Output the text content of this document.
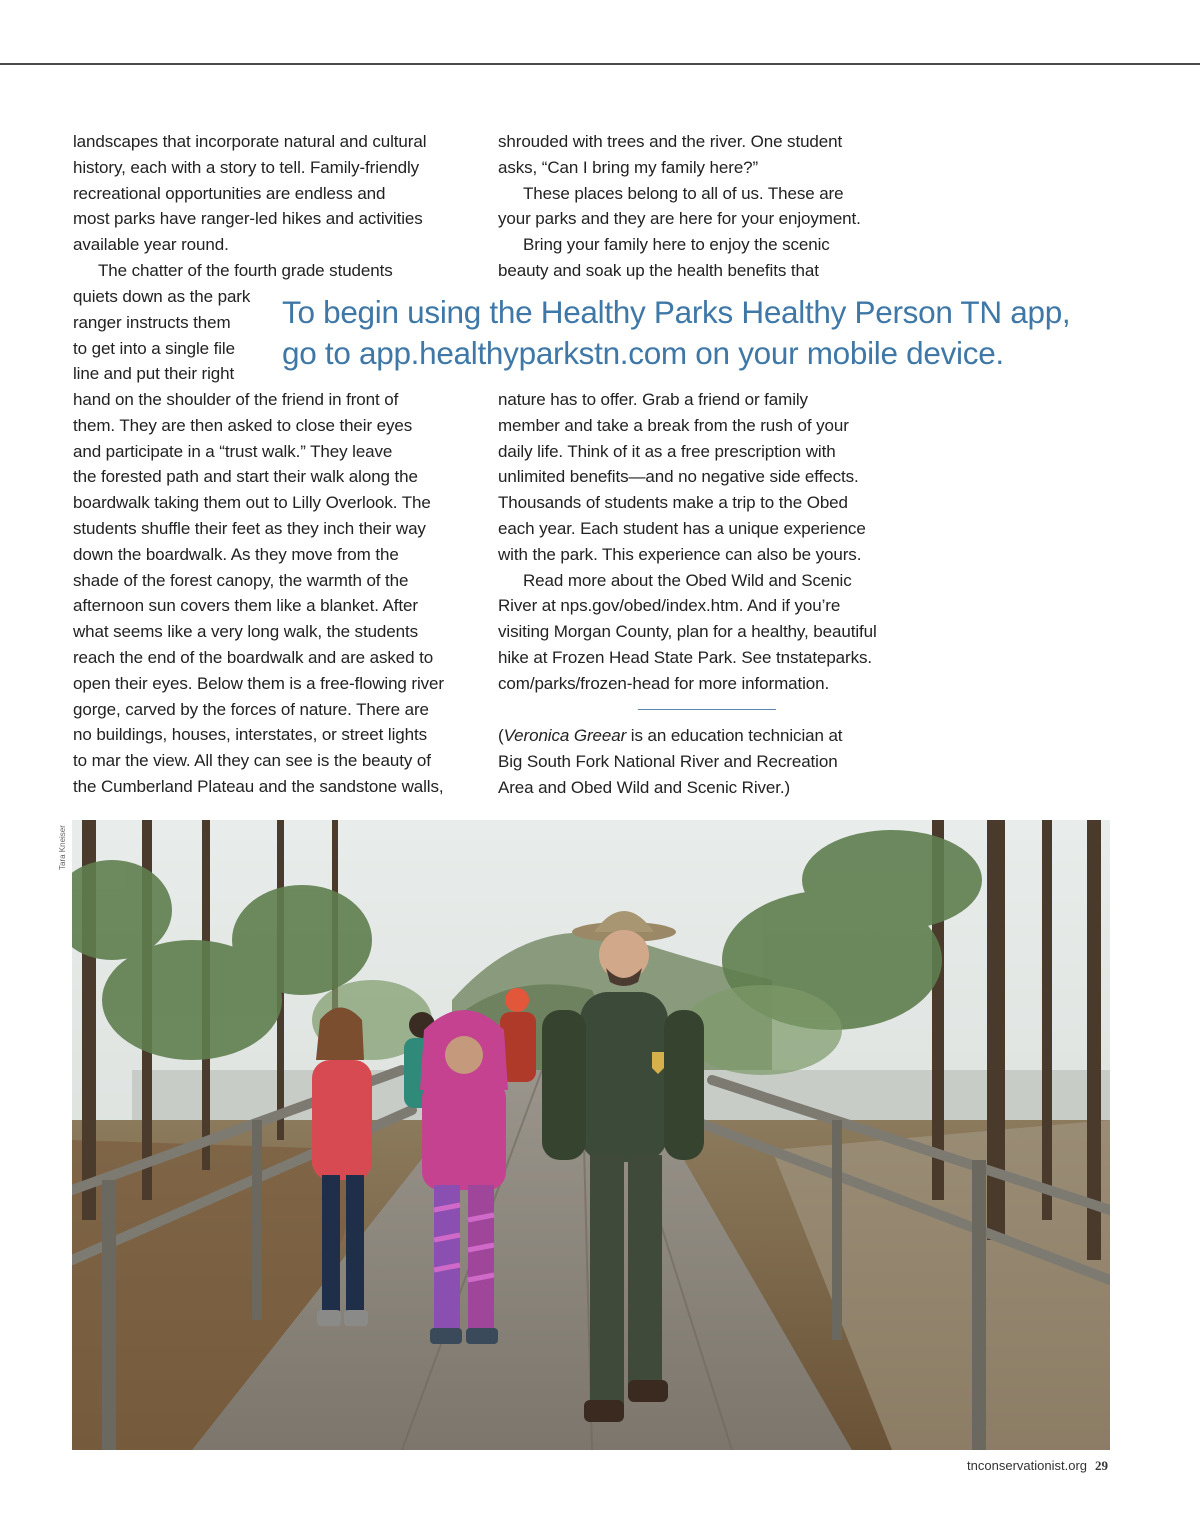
landscapes that incorporate natural and cultural
history, each with a story to tell. Family-friendly
recreational opportunities are endless and
most parks have ranger-led hikes and activities
available year round.
The chatter of the fourth grade students
quiets down as the park
ranger instructs them
to get into a single file
line and put their right
To begin using the Healthy Parks Healthy Person TN app,
go to app.healthyparkstn.com on your mobile device.
hand on the shoulder of the friend in front of
them. They are then asked to close their eyes
and participate in a “trust walk.” They leave
the forested path and start their walk along the
boardwalk taking them out to Lilly Overlook. The
students shuffle their feet as they inch their way
down the boardwalk. As they move from the
shade of the forest canopy, the warmth of the
afternoon sun covers them like a blanket. After
what seems like a very long walk, the students
reach the end of the boardwalk and are asked to
open their eyes. Below them is a free-flowing river
gorge, carved by the forces of nature. There are
no buildings, houses, interstates, or street lights
to mar the view. All they can see is the beauty of
the Cumberland Plateau and the sandstone walls,
shrouded with trees and the river. One student
asks, “Can I bring my family here?”
These places belong to all of us. These are
your parks and they are here for your enjoyment.
Bring your family here to enjoy the scenic
beauty and soak up the health benefits that
nature has to offer. Grab a friend or family
member and take a break from the rush of your
daily life. Think of it as a free prescription with
unlimited benefits—and no negative side effects.
Thousands of students make a trip to the Obed
each year. Each student has a unique experience
with the park. This experience can also be yours.
Read more about the Obed Wild and Scenic
River at nps.gov/obed/index.htm. And if you’re
visiting Morgan County, plan for a healthy, beautiful
hike at Frozen Head State Park. See tnstateparks.
com/parks/frozen-head for more information.
(Veronica Greear is an education technician at
Big South Fork National River and Recreation
Area and Obed Wild and Scenic River.)
Tara Kneiser
tnconservationist.org 29
